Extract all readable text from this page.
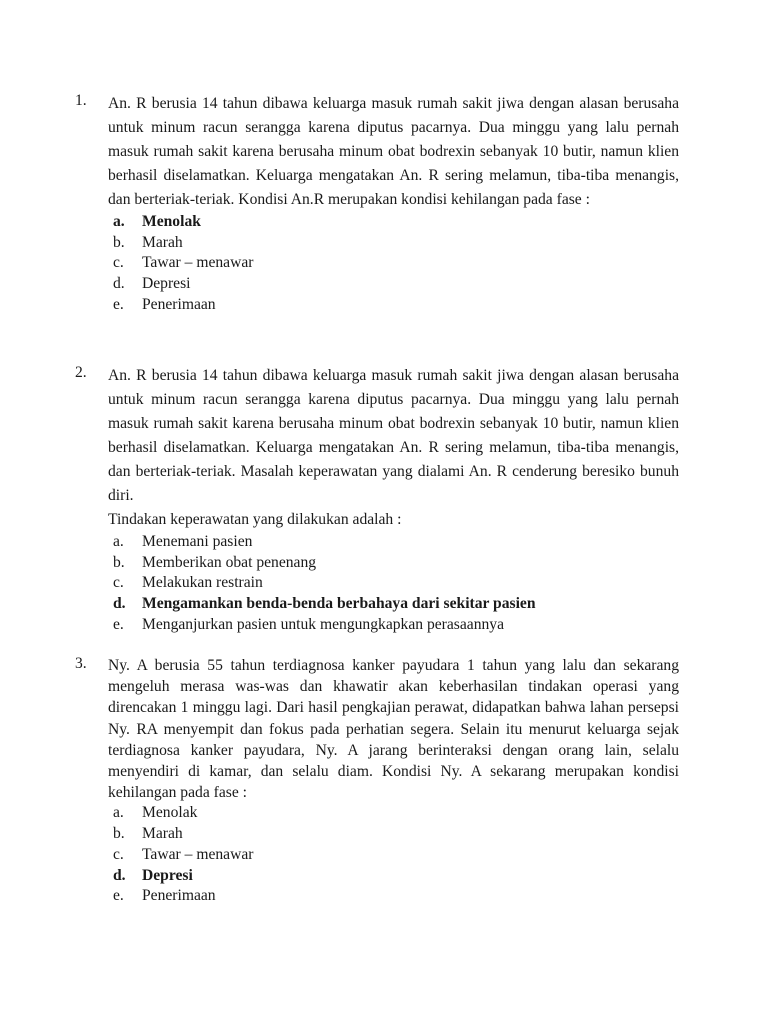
1.	An. R berusia 14 tahun dibawa keluarga masuk rumah sakit jiwa dengan alasan berusaha untuk minum racun serangga karena diputus pacarnya. Dua minggu yang lalu pernah masuk rumah sakit karena berusaha minum obat bodrexin sebanyak 10 butir, namun klien berhasil diselamatkan. Keluarga mengatakan An. R sering melamun, tiba-tiba menangis, dan berteriak-teriak. Kondisi An.R merupakan kondisi kehilangan pada fase :
a. Menolak
b. Marah
c. Tawar – menawar
d. Depresi
e. Penerimaan
2.	An. R berusia 14 tahun dibawa keluarga masuk rumah sakit jiwa dengan alasan berusaha untuk minum racun serangga karena diputus pacarnya. Dua minggu yang lalu pernah masuk rumah sakit karena berusaha minum obat bodrexin sebanyak 10 butir, namun klien berhasil diselamatkan. Keluarga mengatakan An. R sering melamun, tiba-tiba menangis, dan berteriak-teriak. Masalah keperawatan yang dialami An. R cenderung beresiko bunuh diri.
Tindakan keperawatan yang dilakukan adalah :
a. Menemani pasien
b. Memberikan obat penenang
c. Melakukan restrain
d. Mengamankan benda-benda berbahaya dari sekitar pasien
e. Menganjurkan pasien untuk mengungkapkan perasaannya
3.	Ny. A berusia 55 tahun terdiagnosa kanker payudara 1 tahun yang lalu dan sekarang mengeluh merasa was-was dan khawatir akan keberhasilan tindakan operasi yang direncakan 1 minggu lagi. Dari hasil pengkajian perawat, didapatkan bahwa lahan persepsi Ny. RA menyempit dan fokus pada perhatian segera. Selain itu menurut keluarga sejak terdiagnosa kanker payudara, Ny. A jarang berinteraksi dengan orang lain, selalu menyendiri di kamar, dan selalu diam. Kondisi Ny. A sekarang merupakan kondisi kehilangan pada fase :
a. Menolak
b. Marah
c. Tawar – menawar
d. Depresi
e. Penerimaan
